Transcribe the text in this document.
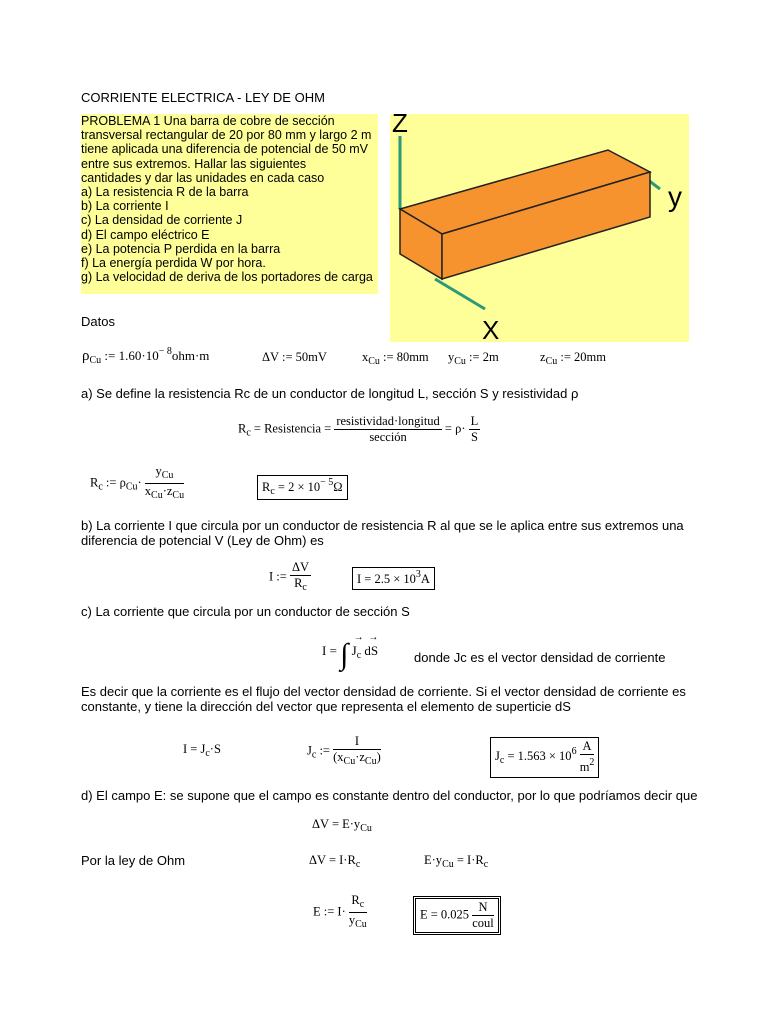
CORRIENTE ELECTRICA - LEY DE OHM
PROBLEMA 1 Una barra de cobre de sección
transversal rectangular de 20 por 80 mm y largo 2 m
tiene aplicada una diferencia de potencial de 50 mV
entre sus extremos. Hallar las siguientes
cantidades y dar las unidades en cada caso
a) La resistencia R de la barra
b) La corriente I
c) La densidad de corriente J
d) El campo eléctrico E
e) La potencia P perdida en la barra
f) La energía perdida W por hora.
g) La velocidad de deriva de los portadores de carga
Z
y
X
Datos
$\rho_{Cu}$ := $1.60\cdot 10^{- 8}ohm\cdot m$	ΔV := 50mV	$x_{Cu}$ := 80mm $y_{Cu}$ := 2m	$z_{Cu}$ := 20mm
a) Se define la resistencia Rc de un conductor de longitud L, sección S y resistividad ρ
$R_c$ = Resistencia = $\frac{\text{resistividad·longitud}}{\text{sección}} = \rho\cdot \frac{L}{S}$
$R_c$ := $\rho_{Cu}\cdot \frac{y_{Cu}}{x_{Cu}\cdot z_{Cu}}$	$R_c = 2 \times 10^{- 5}\Omega$
b) La corriente I que circula por un conductor de resistencia R al que se le aplica entre sus extremos una
diferencia de potencial V (Ley de Ohm) es
I := $\frac{\Delta V}{R_c}$	$I = 2.5 \times 10^3A$
c) La corriente que circula por un conductor de sección S
I = ∫
→
$J_c$
→
dS	donde Jc es el vector densidad de corriente
Es decir que la corriente es el flujo del vector densidad de corriente. Si el vector densidad de corriente es
constante, y tiene la dirección del vector que representa el elemento de superticie dS
$I = J_c\cdot S$	$J_c$ := $\frac{I}{(x_{Cu}\cdot z_{Cu})}$	$J_c = 1.563 \times 10^6 \frac{A}{m^2}$
d) El campo E: se supone que el campo es constante dentro del conductor, por lo que podríamos decir que
$\Delta V = E\cdot y_{Cu}$
Por la ley de Ohm	$\Delta V = I\cdot R_c$	$E\cdot y_{Cu} = I\cdot R_c$
E := $I\cdot \frac{R_c}{y_{Cu}}$	$E = 0.025 \frac{N}{\text{coul}}$
